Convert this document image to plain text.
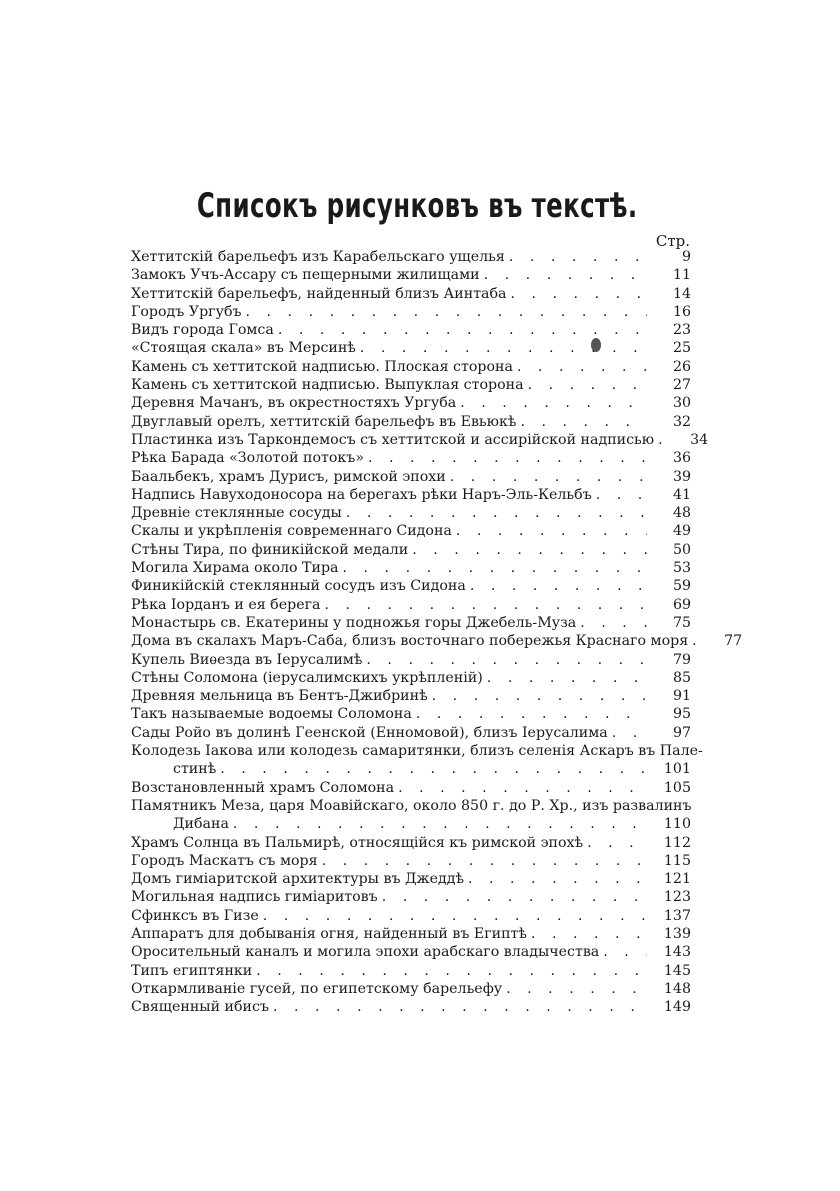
Списокъ рисунковъ въ текстѣ.
Стр.
Хеттитскій барельефъ изъ Карабельскаго ущелья . . .	9
Замокъ Учъ-Ассару съ пещерными жилищами . . .	11
Хеттитскій барельефъ, найденный близъ Аинтаба . . .	14
Городъ Ургубъ . . .	16
Видъ города Гомса . . .	23
«Стоящая скала» въ Мерсинѣ . . .	25
Камень съ хеттитской надписью. Плоская сторона . . .	26
Камень съ хеттитской надписью. Выпуклая сторона . . .	27
Деревня Мачанъ, въ окрестностяхъ Ургуба . . .	30
Двуглавый орелъ, хеттитскій барельефъ въ Евьюкѣ . . .	32
Пластинка изъ Таркондемосъ съ хеттитской и ассирійской надписью . . .	34
Рѣка Барада «Золотой потокъ» . . .	36
Баальбекъ, храмъ Дурисъ, римской эпохи . . .	39
Надпись Навуходоносора на берегахъ рѣки Наръ-Эль-Кельбъ . . .	41
Древніе стеклянные сосуды . . .	48
Скалы и укрѣпленія современнаго Сидона . . .	49
Стѣны Тира, по финикійской медали . . .	50
Могила Хирама около Тира . . .	53
Финикійскій стеклянный сосудъ изъ Сидона . . .	59
Рѣка Іорданъ и ея берега . . .	69
Монастырь св. Екатерины у подножья горы Джебель-Муза . . .	75
Дома въ скалахъ Маръ-Саба, близъ восточнаго побережья Краснаго моря . . .	77
Купель Виѳезда въ Іерусалимѣ . . .	79
Стѣны Соломона (іерусалимскихъ укрѣпленій) . . .	85
Древняя мельница въ Бентъ-Джибринѣ . . .	91
Такъ называемые водоемы Соломона . . .	95
Сады Ройо въ долинѣ Геенской (Енномовой), близъ Іерусалима . . .	97
Колодезь Іакова или колодезь самаритянки, близъ селенія Аскаръ въ Пале-
стинѣ . . .	101
Возстановленный храмъ Соломона . . .	105
Памятникъ Меза, царя Моавійскаго, около 850 г. до Р. Хр., изъ развалинъ
Дибана . . .	110
Храмъ Солнца въ Пальмирѣ, относящійся къ римской эпохѣ . . .	112
Городъ Маскатъ съ моря . . .	115
Домъ гиміаритской архитектуры въ Джеддѣ . . .	121
Могильная надпись гиміаритовъ . . .	123
Сфинксъ въ Гизе . . .	137
Аппаратъ для добыванія огня, найденный въ Египтѣ . . .	139
Оросительный каналъ и могила эпохи арабскаго владычества . . .	143
Типъ египтянки . . .	145
Откармливаніе гусей, по египетскому барельефу . . .	148
Священный ибисъ . . .	149
